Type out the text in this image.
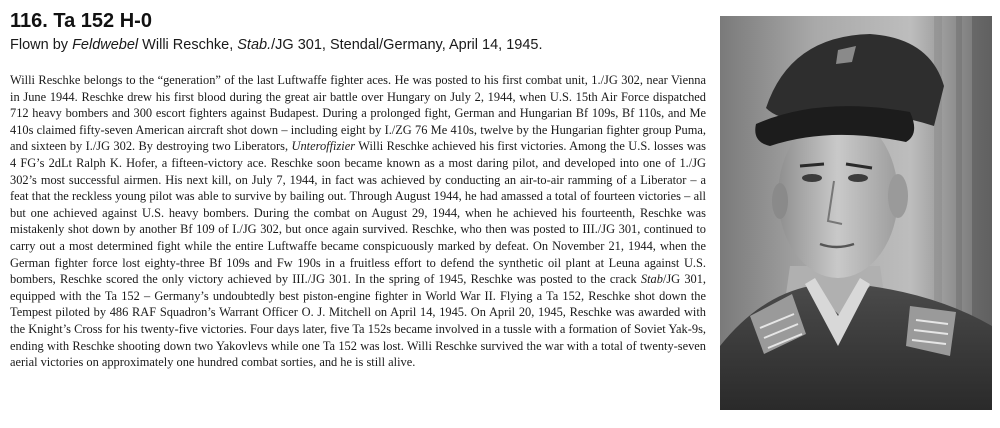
116. Ta 152 H-0
Flown by Feldwebel Willi Reschke, Stab./JG 301, Stendal/Germany, April 14, 1945.

Willi Reschke belongs to the “generation” of the last Luftwaffe fighter aces. He was posted to his first combat unit, 1./JG 302, near Vienna in June 1944. Reschke drew his first blood during the great air battle over Hungary on July 2, 1944, when U.S. 15th Air Force dispatched 712 heavy bombers and 300 escort fighters against Budapest. During a prolonged fight, German and Hungarian Bf 109s, Bf 110s, and Me 410s claimed fifty-seven American aircraft shot down – including eight by I./ZG 76 Me 410s, twelve by the Hungarian fighter group Puma, and sixteen by I./JG 302. By destroying two Liberators, Unteroffizier Willi Reschke achieved his first victories. Among the U.S. losses was 4 FG’s 2dLt Ralph K. Hofer, a fifteen-victory ace. Reschke soon became known as a most daring pilot, and developed into one of 1./JG 302’s most successful airmen. His next kill, on July 7, 1944, in fact was achieved by conducting an air-to-air ramming of a Liberator – a feat that the reckless young pilot was able to survive by bailing out. Through August 1944, he had amassed a total of fourteen victories – all but one achieved against U.S. heavy bombers. During the combat on August 29, 1944, when he achieved his fourteenth, Reschke was mistakenly shot down by another Bf 109 of I./JG 302, but once again survived. Reschke, who then was posted to III./JG 301, continued to carry out a most determined fight while the entire Luftwaffe became conspicuously marked by defeat. On November 21, 1944, when the German fighter force lost eighty-three Bf 109s and Fw 190s in a fruitless effort to defend the synthetic oil plant at Leuna against U.S. bombers, Reschke scored the only victory achieved by III./JG 301. In the spring of 1945, Reschke was posted to the crack Stab/JG 301, equipped with the Ta 152 – Germany’s undoubtedly best piston-engine fighter in World War II. Flying a Ta 152, Reschke shot down the Tempest piloted by 486 RAF Squadron’s Warrant Officer O. J. Mitchell on April 14, 1945. On April 20, 1945, Reschke was awarded with the Knight’s Cross for his twenty-five victories. Four days later, five Ta 152s became involved in a tussle with a formation of Soviet Yak-9s, ending with Reschke shooting down two Yakovlevs while one Ta 152 was lost. Willi Reschke survived the war with a total of twenty-seven aerial victories on approximately one hundred combat sorties, and he is still alive.
